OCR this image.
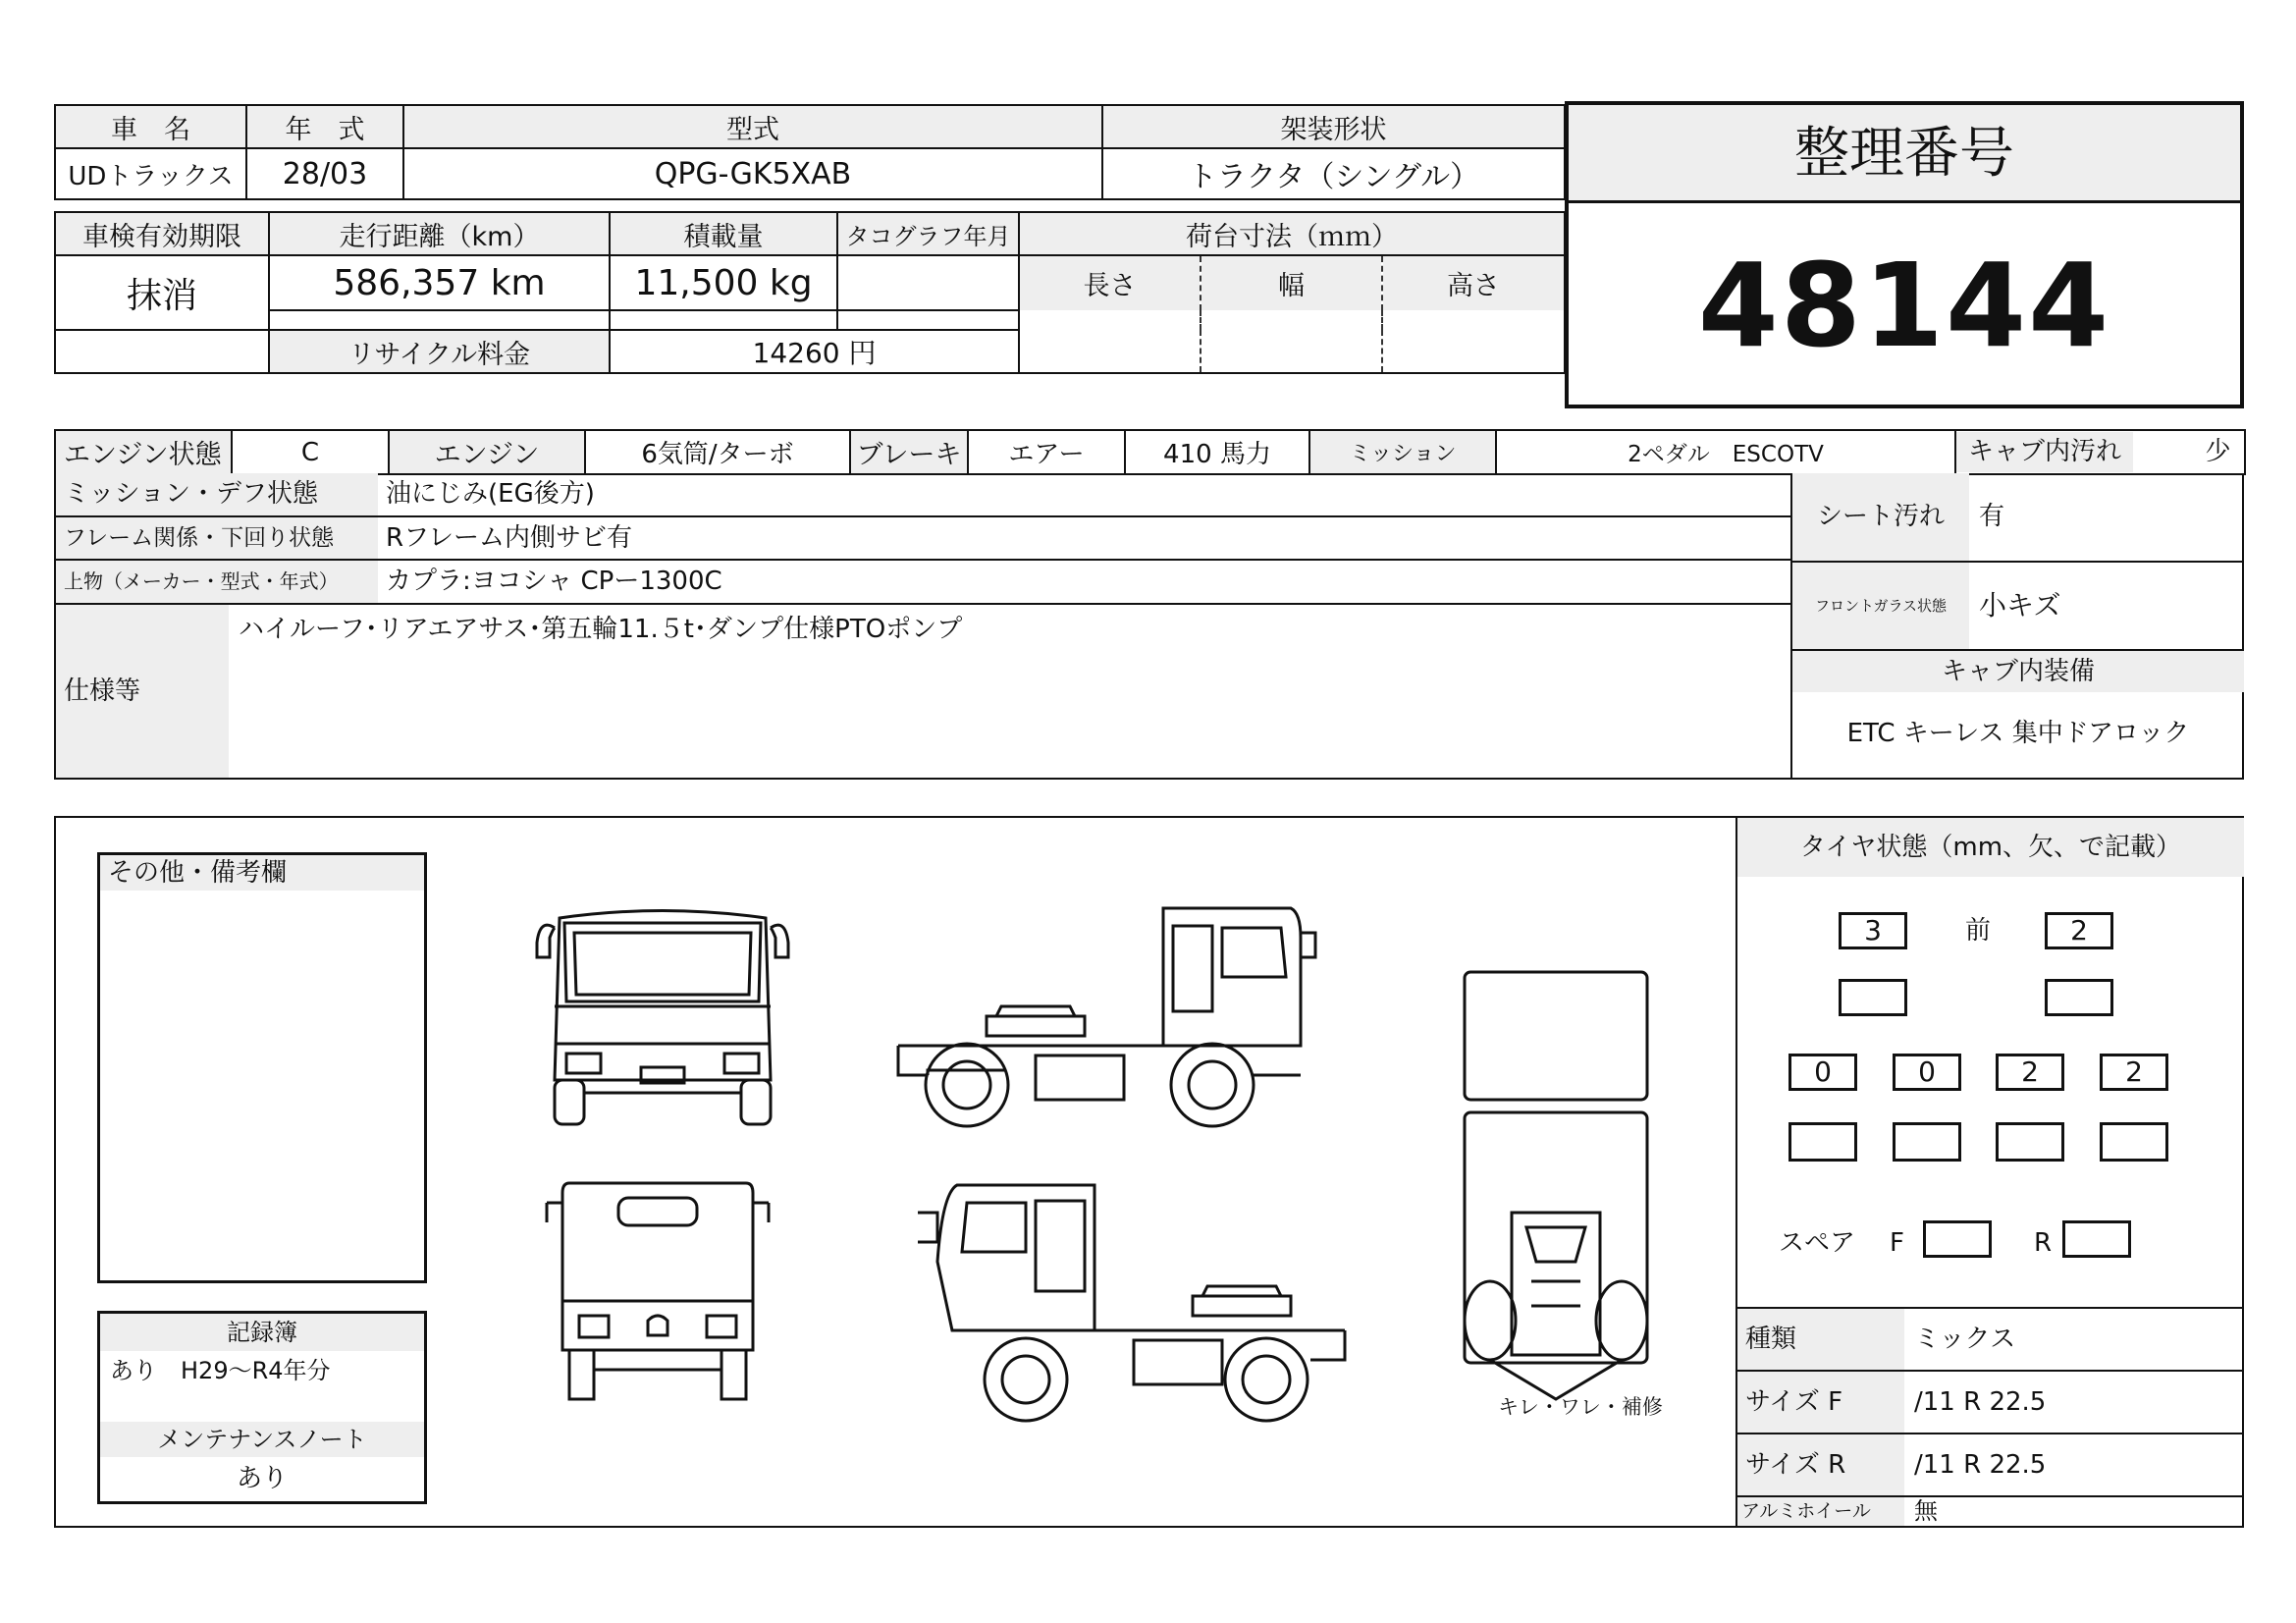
車　名	年　式	型式	架装形状
UDトラックス	28/03	QPG-GK5XAB	トラクタ（シングル）
車検有効期限	走行距離（km）	積載量	タコグラフ年月	荷台寸法（ｍｍ）		
抹消	586,357 km	11,500 kg		長さ	幅	高さ

	リサイクル料金	14260 円				
整理番号
48144
エンジン状態	C	エンジン	6気筒/ターボ	ブレーキ	エアー	410 馬力	ミッション	2ペダル　ESCOTV	キャブ内汚れ	少
ミッション・デフ状態	油にじみ(EG後方)
フレーム関係・下回り状態	Rフレーム内側サビ有
上物（メーカー・型式・年式）	カプラ:ヨコシャ CPー1300C
仕様等
ハイルーフ･リアエアサス･第五輪11.５t･ダンプ仕様PTOポンプ
シート汚れ	有
フロントガラス状態	小キズ
キャブ内装備
ETC キーレス 集中ドアロック
その他・備考欄
記録簿
あり　H29～R4年分
メンテナンスノート
あり
キレ・ワレ・補修
タイヤ状態（mm、欠、で記載）
3	前	2
0	0	2	2
スペア	F	R
種類	ミックス
サイズ F	/11 R 22.5
サイズ R	/11 R 22.5
アルミホイール	無
